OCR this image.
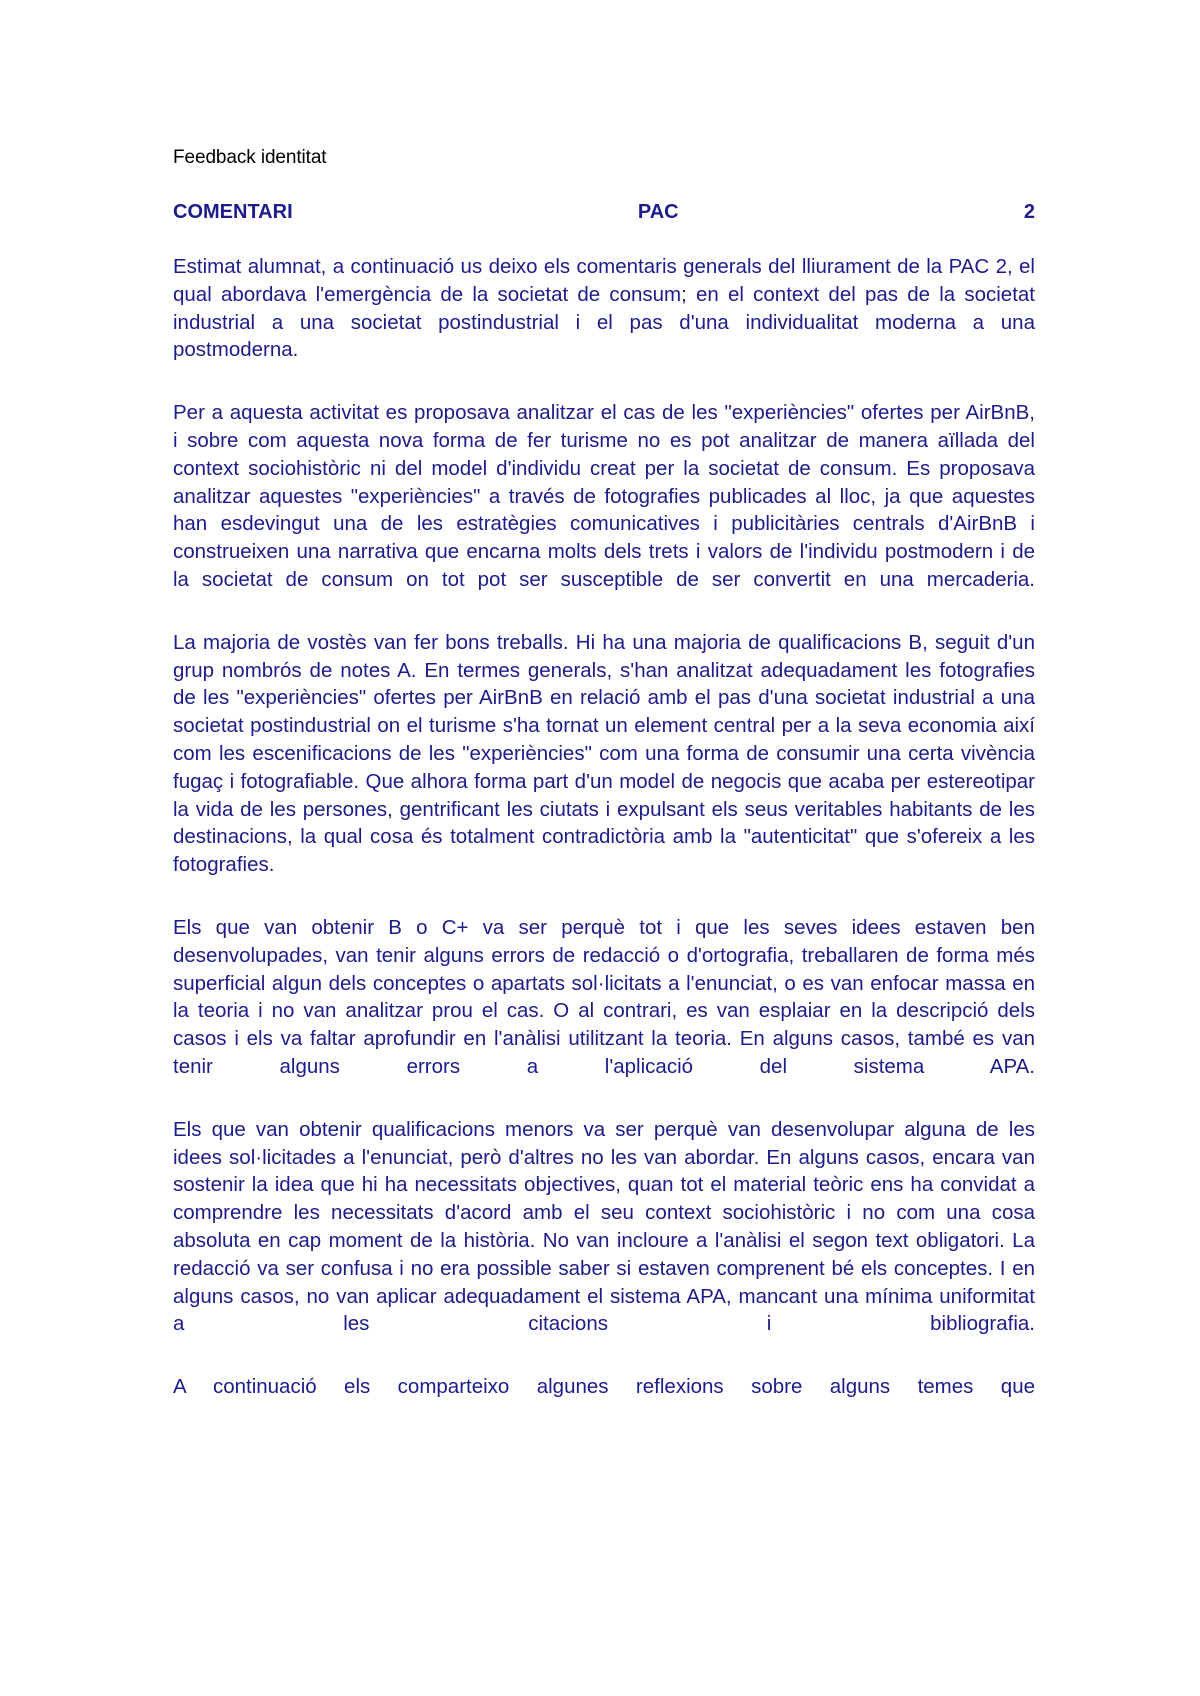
Feedback identitat

COMENTARI	PAC	2

Estimat alumnat, a continuació us deixo els comentaris generals del lliurament de la PAC 2, el qual abordava l'emergència de la societat de consum; en el context del pas de la societat industrial a una societat postindustrial i el pas d'una individualitat moderna a una postmoderna.

Per a aquesta activitat es proposava analitzar el cas de les "experiències" ofertes per AirBnB, i sobre com aquesta nova forma de fer turisme no es pot analitzar de manera aïllada del context sociohistòric ni del model d'individu creat per la societat de consum. Es proposava analitzar aquestes "experiències" a través de fotografies publicades al lloc, ja que aquestes han esdevingut una de les estratègies comunicatives i publicitàries centrals d'AirBnB i construeixen una narrativa que encarna molts dels trets i valors de l'individu postmodern i de la societat de consum on tot pot ser susceptible de ser convertit en una mercaderia.

La majoria de vostès van fer bons treballs. Hi ha una majoria de qualificacions B, seguit d'un grup nombrós de notes A. En termes generals, s'han analitzat adequadament les fotografies de les "experiències" ofertes per AirBnB en relació amb el pas d'una societat industrial a una societat postindustrial on el turisme s'ha tornat un element central per a la seva economia així com les escenificacions de les "experiències" com una forma de consumir una certa vivència fugaç i fotografiable. Que alhora forma part d'un model de negocis que acaba per estereotipar la vida de les persones, gentrificant les ciutats i expulsant els seus veritables habitants de les destinacions, la qual cosa és totalment contradictòria amb la "autenticitat" que s'ofereix a les fotografies.

Els que van obtenir B o C+ va ser perquè tot i que les seves idees estaven ben desenvolupades, van tenir alguns errors de redacció o d'ortografia, treballaren de forma més superficial algun dels conceptes o apartats sol·licitats a l'enunciat, o es van enfocar massa en la teoria i no van analitzar prou el cas. O al contrari, es van esplaiar en la descripció dels casos i els va faltar aprofundir en l'anàlisi utilitzant la teoria. En alguns casos, també es van tenir alguns errors a l'aplicació del sistema APA.

Els que van obtenir qualificacions menors va ser perquè van desenvolupar alguna de les idees sol·licitades a l'enunciat, però d'altres no les van abordar. En alguns casos, encara van sostenir la idea que hi ha necessitats objectives, quan tot el material teòric ens ha convidat a comprendre les necessitats d'acord amb el seu context sociohistòric i no com una cosa absoluta en cap moment de la història. No van incloure a l'anàlisi el segon text obligatori. La redacció va ser confusa i no era possible saber si estaven comprenent bé els conceptes. I en alguns casos, no van aplicar adequadament el sistema APA, mancant una mínima uniformitat a les citacions i bibliografia.

A continuació els comparteixo algunes reflexions sobre alguns temes que
